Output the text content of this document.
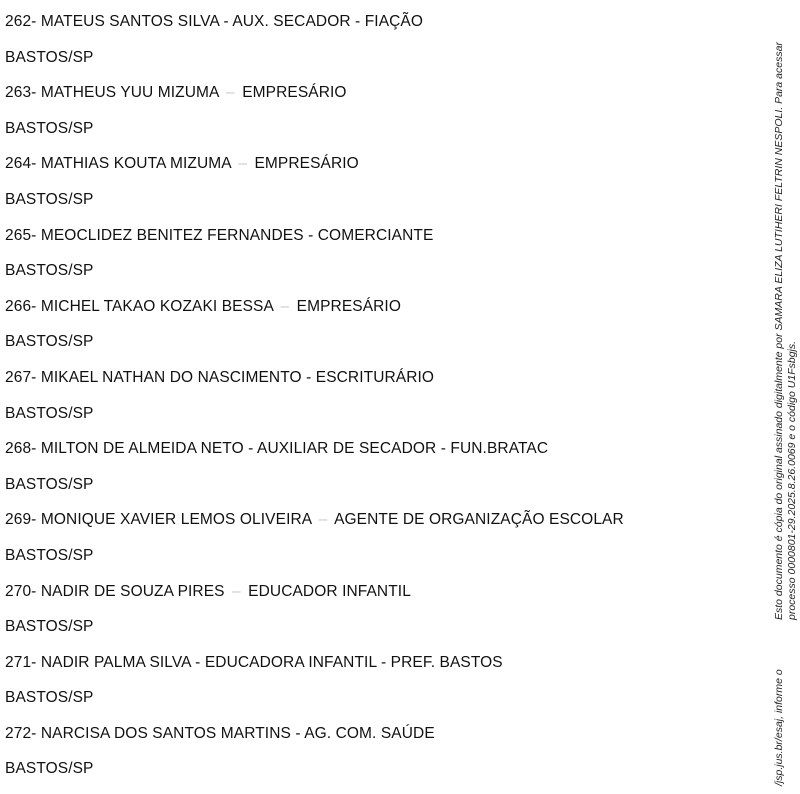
262- MATEUS SANTOS SILVA - AUX. SECADOR - FIAÇÃO
BASTOS/SP
263- MATHEUS YUU MIZUMA – EMPRESÁRIO
BASTOS/SP
264- MATHIAS KOUTA MIZUMA – EMPRESÁRIO
BASTOS/SP
265- MEOCLIDEZ BENITEZ FERNANDES - COMERCIANTE
BASTOS/SP
266- MICHEL TAKAO KOZAKI BESSA – EMPRESÁRIO
BASTOS/SP
267- MIKAEL NATHAN DO NASCIMENTO - ESCRITURÁRIO
BASTOS/SP
268- MILTON DE ALMEIDA NETO - AUXILIAR DE SECADOR - FUN.BRATAC
BASTOS/SP
269- MONIQUE XAVIER LEMOS OLIVEIRA – AGENTE DE ORGANIZAÇÃO ESCOLAR
BASTOS/SP
270- NADIR DE SOUZA PIRES – EDUCADOR INFANTIL
BASTOS/SP
271- NADIR PALMA SILVA - EDUCADORA INFANTIL - PREF. BASTOS
BASTOS/SP
272- NARCISA DOS SANTOS MARTINS - AG. COM. SAÚDE
BASTOS/SP	/jsp.jus.br/esaj, informe o
Esto documento é cópia do original assinado digitalmente por SAMARA ELIZA LUTIHERI FELTRIN NESPOLI. Para acessar processo 0000801-29.2025.8.26.0069 e o código U1Fsbgjs.
